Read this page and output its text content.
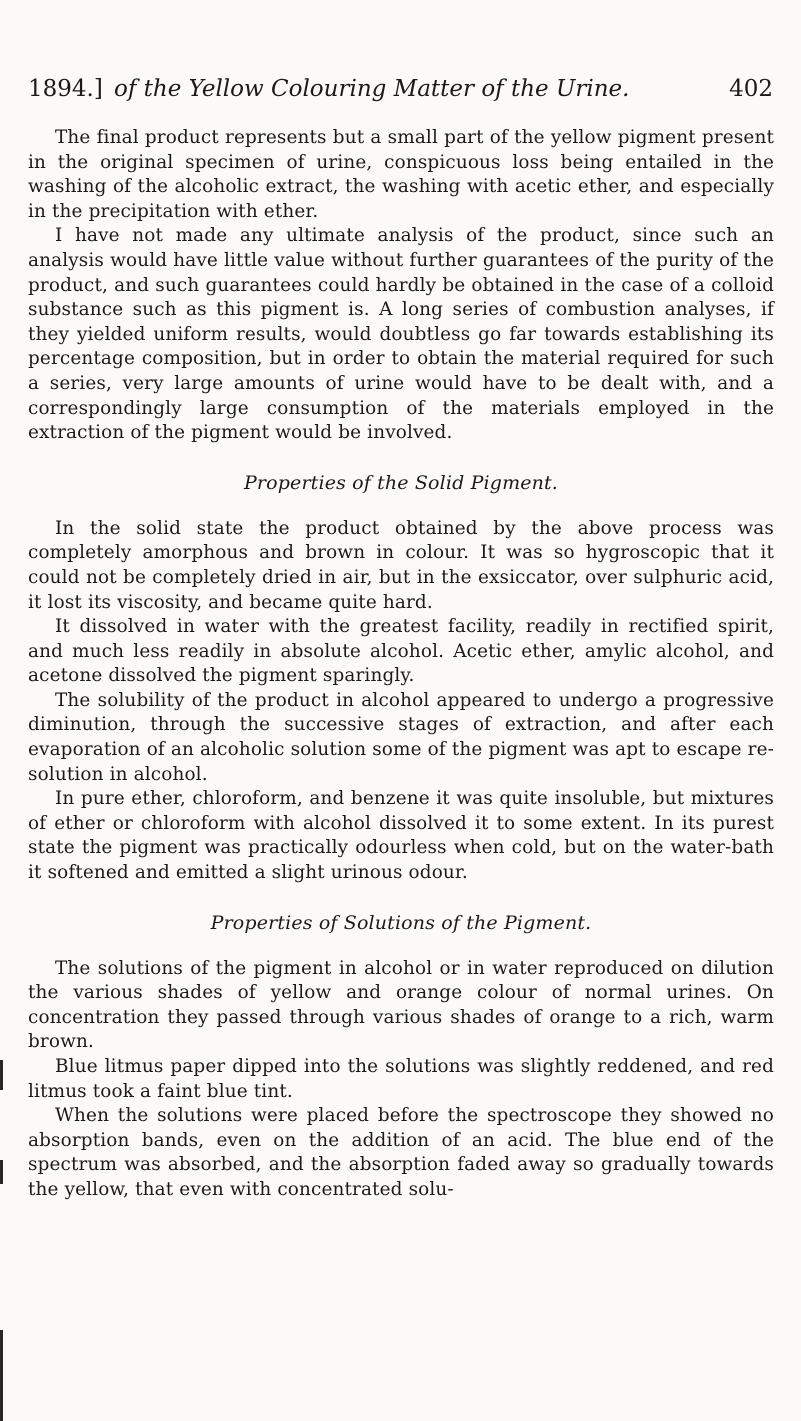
1894.] of the Yellow Colouring Matter of the Urine.	402

The final product represents but a small part of the yellow pigment present in the original specimen of urine, conspicuous loss being entailed in the washing of the alcoholic extract, the washing with acetic ether, and especially in the precipitation with ether.

I have not made any ultimate analysis of the product, since such an analysis would have little value without further guarantees of the purity of the product, and such guarantees could hardly be obtained in the case of a colloid substance such as this pigment is. A long series of combustion analyses, if they yielded uniform results, would doubtless go far towards establishing its percentage composition, but in order to obtain the material required for such a series, very large amounts of urine would have to be dealt with, and a correspondingly large consumption of the materials employed in the extraction of the pigment would be involved.

Properties of the Solid Pigment.

In the solid state the product obtained by the above process was completely amorphous and brown in colour. It was so hygroscopic that it could not be completely dried in air, but in the exsiccator, over sulphuric acid, it lost its viscosity, and became quite hard.

It dissolved in water with the greatest facility, readily in rectified spirit, and much less readily in absolute alcohol. Acetic ether, amylic alcohol, and acetone dissolved the pigment sparingly.

The solubility of the product in alcohol appeared to undergo a progressive diminution, through the successive stages of extraction, and after each evaporation of an alcoholic solution some of the pigment was apt to escape re-solution in alcohol.

In pure ether, chloroform, and benzene it was quite insoluble, but mixtures of ether or chloroform with alcohol dissolved it to some extent. In its purest state the pigment was practically odourless when cold, but on the water-bath it softened and emitted a slight urinous odour.

Properties of Solutions of the Pigment.

The solutions of the pigment in alcohol or in water reproduced on dilution the various shades of yellow and orange colour of normal urines. On concentration they passed through various shades of orange to a rich, warm brown.

Blue litmus paper dipped into the solutions was slightly reddened, and red litmus took a faint blue tint.

When the solutions were placed before the spectroscope they showed no absorption bands, even on the addition of an acid. The blue end of the spectrum was absorbed, and the absorption faded away so gradually towards the yellow, that even with concentrated solu-
